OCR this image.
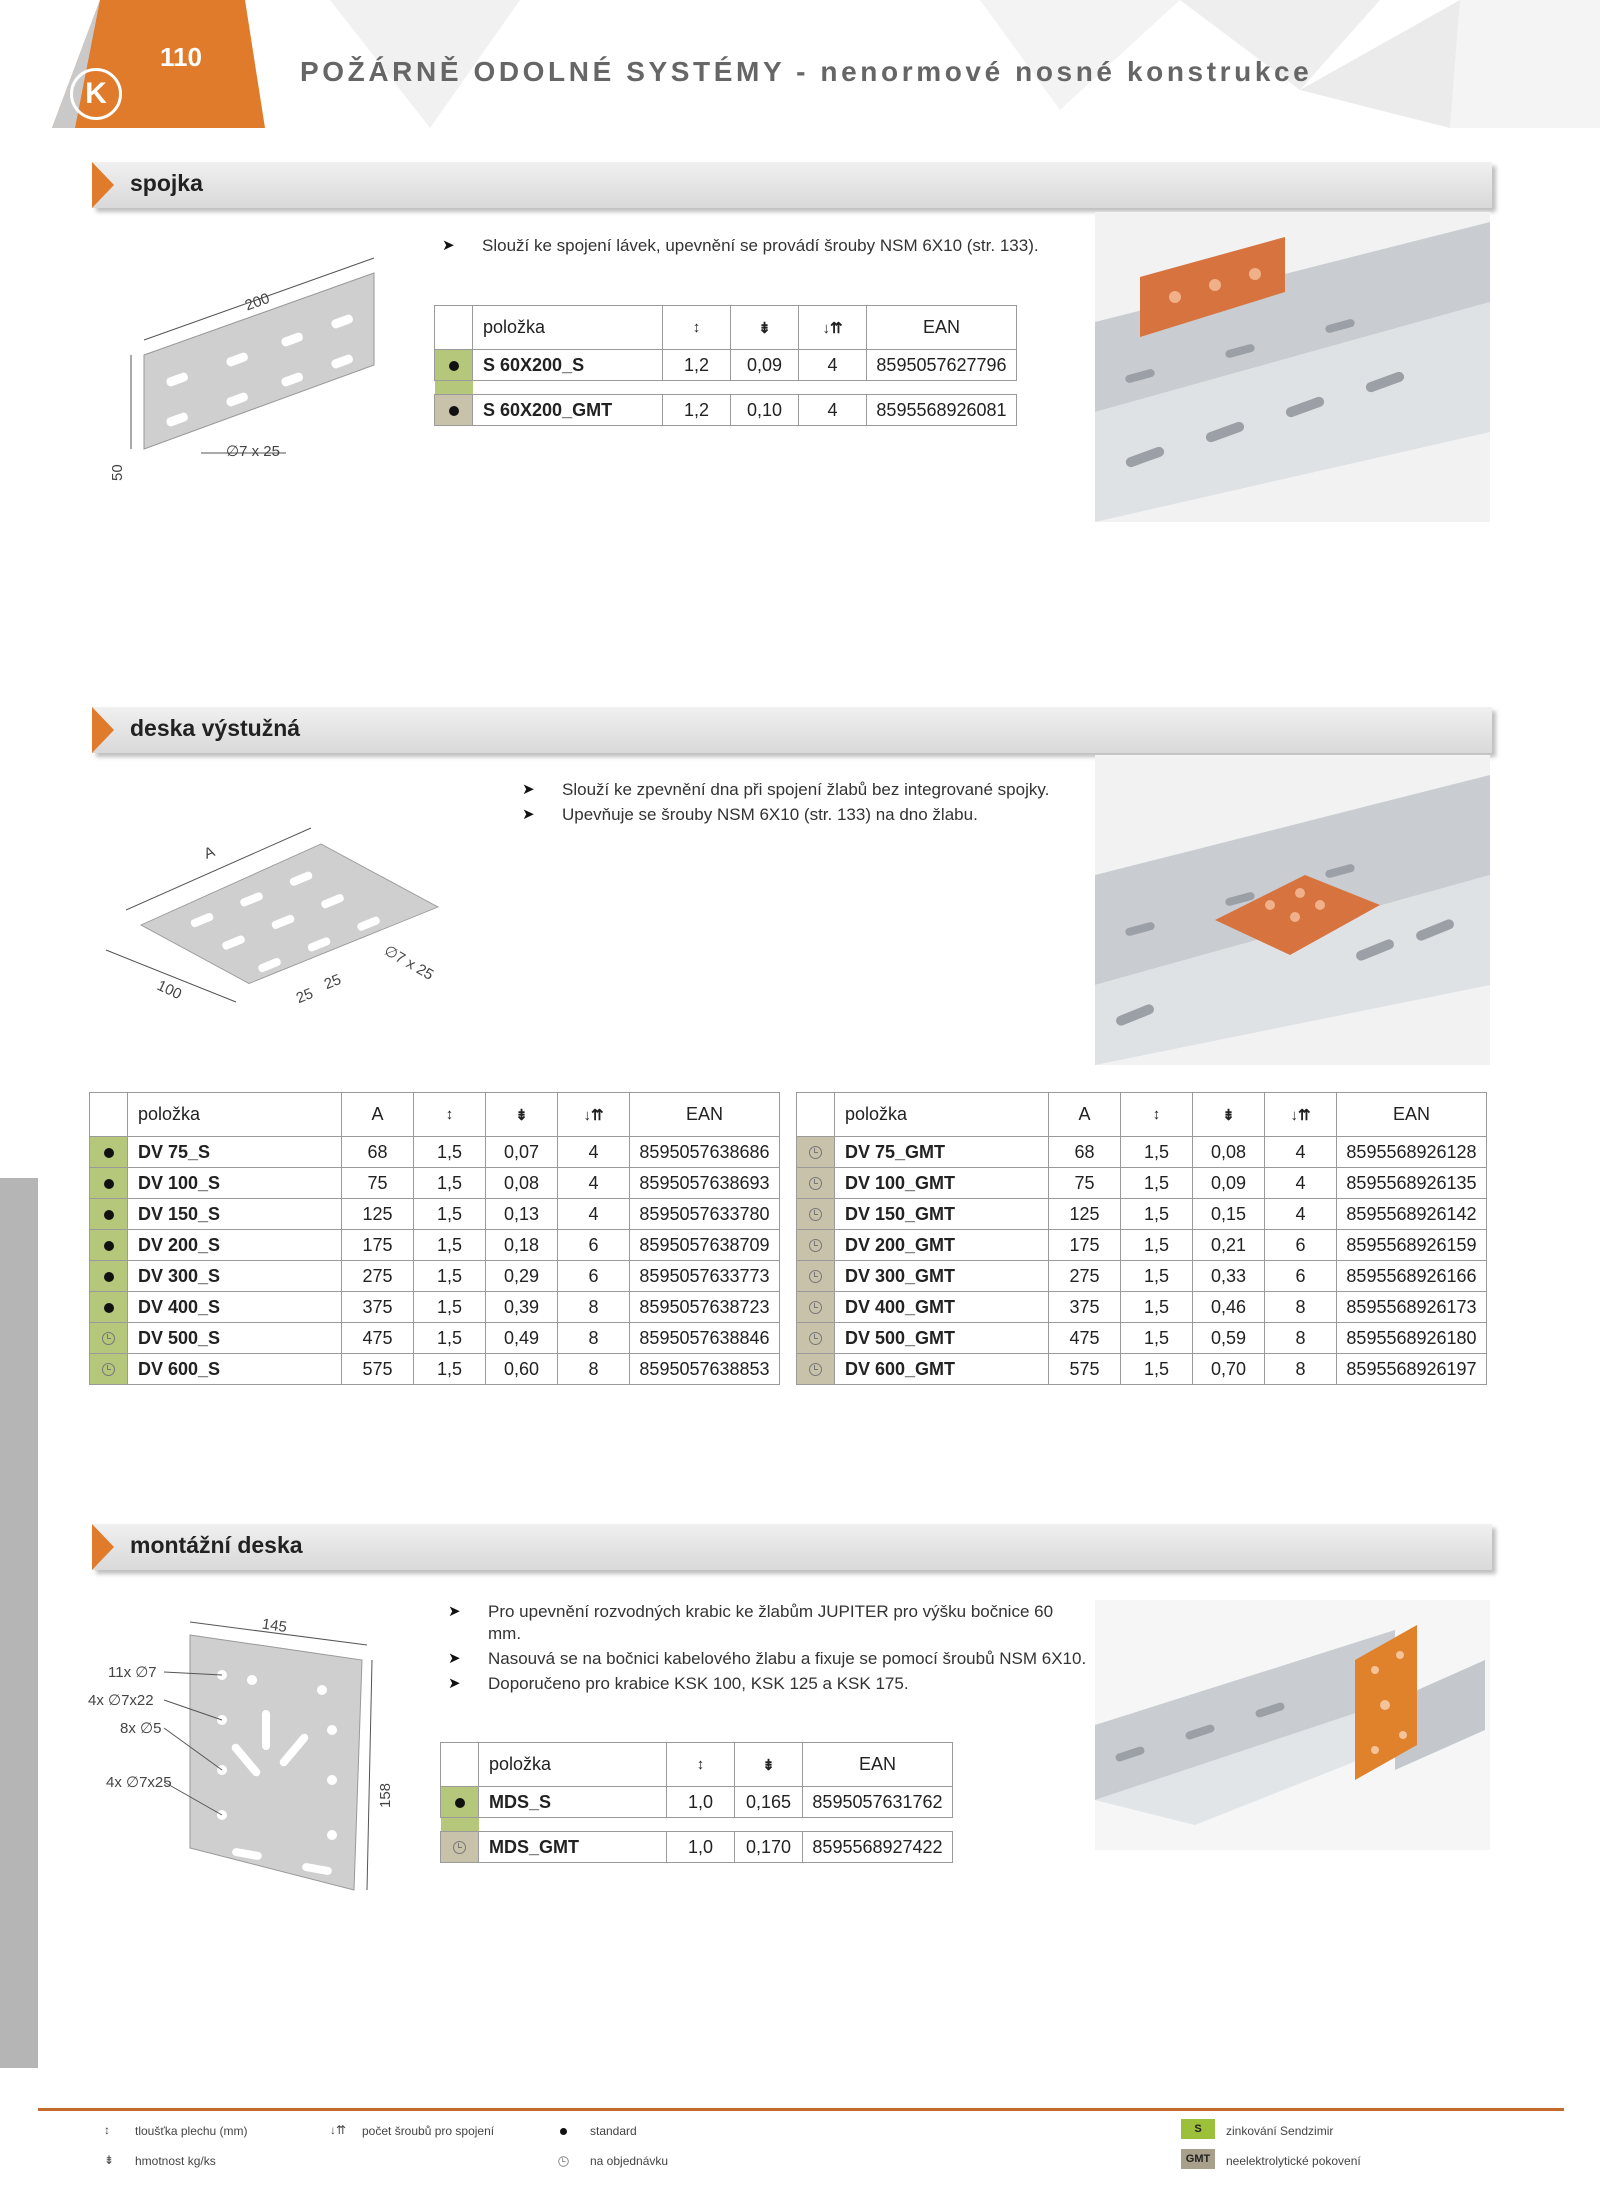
K
110	POŽÁRNĚ ODOLNÉ SYSTÉMY - nenormové nosné konstrukce
spojka
200
50
∅7 x 25
➤ Slouží ke spojení lávek, upevnění se provádí šrouby NSM 6X10 (str. 133).
	položka	↕	⇟	↓⇈	EAN
	S 60X200_S	1,2	0,09	4	8595057627796

	S 60X200_GMT	1,2	0,10	4	8595568926081
deska výstužná
A
100	25
25	∅7 x 25
➤ Slouží ke zpevnění dna při spojení žlabů bez integrované spojky.
➤ Upevňuje se šrouby NSM 6X10 (str. 133) na dno žlabu.
	položka	A	↕	⇟	↓⇈	EAN
	DV 75_S	68	1,5	0,07	4	8595057638686
	DV 100_S	75	1,5	0,08	4	8595057638693
	DV 150_S	125	1,5	0,13	4	8595057633780
	DV 200_S	175	1,5	0,18	6	8595057638709
	DV 300_S	275	1,5	0,29	6	8595057633773
	DV 400_S	375	1,5	0,39	8	8595057638723
	DV 500_S	475	1,5	0,49	8	8595057638846
	DV 600_S	575	1,5	0,60	8	8595057638853
	položka	A	↕	⇟	↓⇈	EAN
	DV 75_GMT	68	1,5	0,08	4	8595568926128
	DV 100_GMT	75	1,5	0,09	4	8595568926135
	DV 150_GMT	125	1,5	0,15	4	8595568926142
	DV 200_GMT	175	1,5	0,21	6	8595568926159
	DV 300_GMT	275	1,5	0,33	6	8595568926166
	DV 400_GMT	375	1,5	0,46	8	8595568926173
	DV 500_GMT	475	1,5	0,59	8	8595568926180
	DV 600_GMT	575	1,5	0,70	8	8595568926197
montážní deska
145
11x ∅7
4x ∅7x22
8x ∅5
4x ∅7x25
158
➤ Pro upevnění rozvodných krabic ke žlabům JUPITER pro výšku bočnice 60 mm.
➤ Nasouvá se na bočnici kabelového žlabu a fixuje se pomocí šroubů NSM 6X10.
➤ Doporučeno pro krabice KSK 100, KSK 125 a KSK 175.
	položka	↕	⇟	EAN
	MDS_S	1,0	0,165	8595057631762

	MDS_GMT	1,0	0,170	8595568927422
↕ tloušťka plechu (mm)
⇟ hmotnost kg/ks
↓⇈ počet šroubů pro spojení	standard
na objednávku
S	zinkování Sendzimir
GMT	neelektrolytické pokovení
